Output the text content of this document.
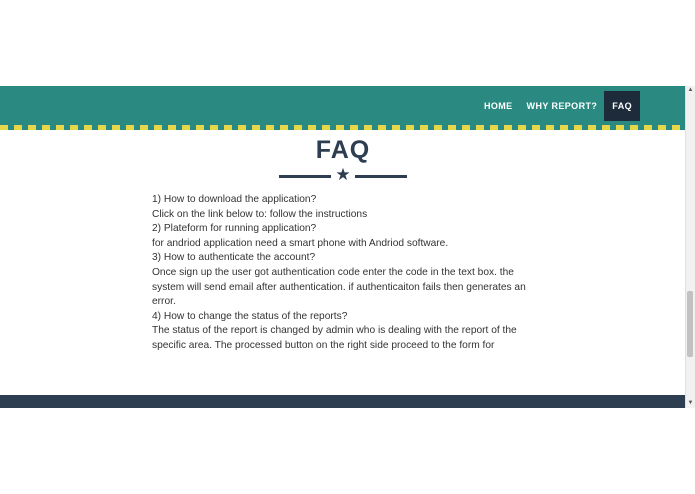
HOME	WHY REPORT?	FAQ
FAQ
★

1) How to download the application?

Click on the link below to: follow the instructions

2) Plateform for running application?

for andriod application need a smart phone with Andriod software.

3) How to authenticate the account?

Once sign up the user got authentication code enter the code in the text box. the system will send email after authentication. if authenticaiton fails then generates an error.

4) How to change the status of the reports?

The status of the report is changed by admin who is dealing with the report of the specific area. The processed button on the right side proceed to the form for

▲
▼
